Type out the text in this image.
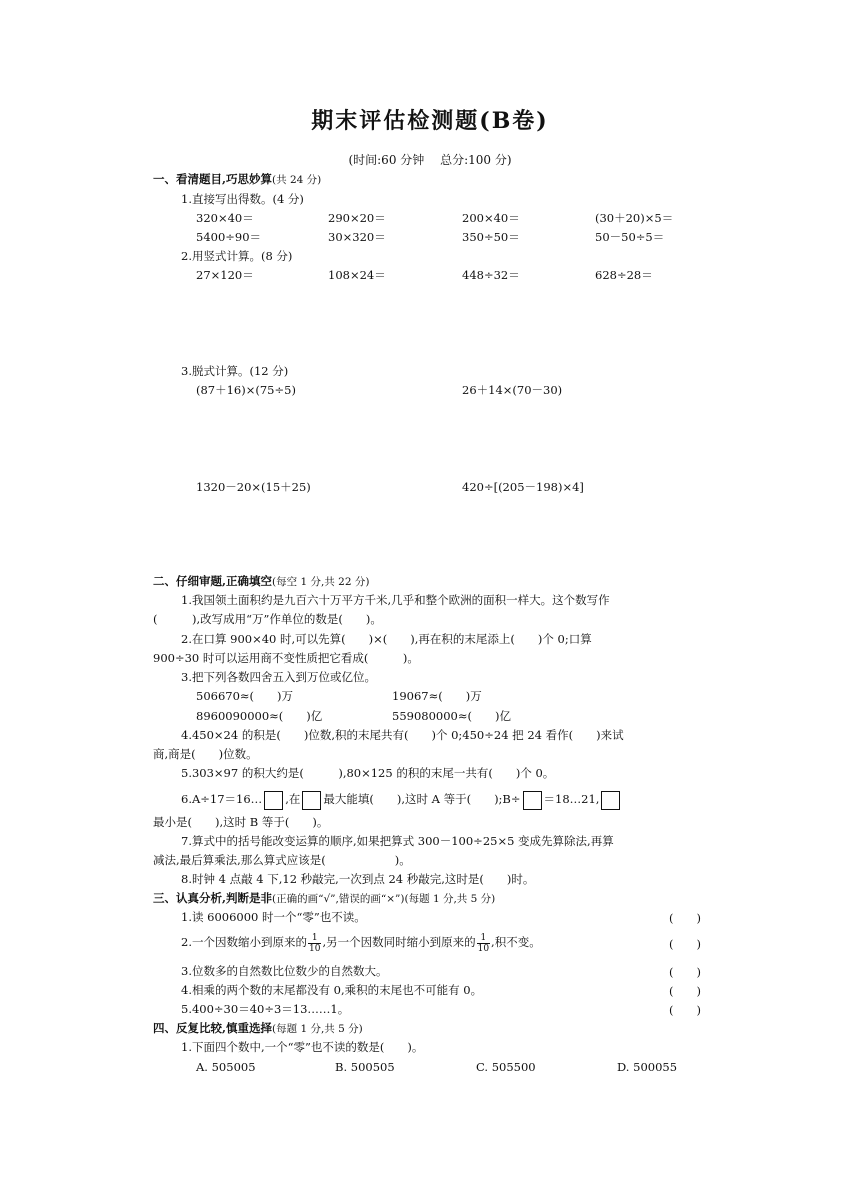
期末评估检测题(B卷)
(时间:60 分钟　 总分:100 分)
一、看清题目,巧思妙算(共 24 分)
1.直接写出得数。(4 分)
320×40＝	290×20＝	200×40＝	(30＋20)×5＝
5400÷90＝	30×320＝	350÷50＝	50－50÷5＝
2.用竖式计算。(8 分)
27×120＝	108×24＝	448÷32＝	628÷28＝
3.脱式计算。(12 分)
(87＋16)×(75÷5)	26＋14×(70－30)
1320－20×(15＋25)	420÷[(205－198)×4]
二、仔细审题,正确填空(每空 1 分,共 22 分)
1.我国领土面积约是九百六十万平方千米,几乎和整个欧洲的面积一样大。这个数写作
(　　　),改写成用“万”作单位的数是(　　)。
2.在口算 900×40 时,可以先算(　　)×(　　),再在积的末尾添上(　　)个 0;口算
900÷30 时可以运用商不变性质把它看成(　　　)。
3.把下列各数四舍五入到万位或亿位。
506670≈(　　)万	19067≈(　　)万
8960090000≈(　　)亿	559080000≈(　　)亿
4.450×24 的积是(　　)位数,积的末尾共有(　　)个 0;450÷24 把 24 看作(　　)来试
商,商是(　　)位数。
5.303×97 的积大约是(　　　),80×125 的积的末尾一共有(　　)个 0。
6.A÷17＝16… ,在 最大能填(　　),这时 A 等于(　　);B÷ ＝18…21,
最小是(　　),这时 B 等于(　　)。
7.算式中的括号能改变运算的顺序,如果把算式 300－100÷25×5 变成先算除法,再算
减法,最后算乘法,那么算式应该是(　　　　　　)。
8.时钟 4 点敲 4 下,12 秒敲完,一次到点 24 秒敲完,这时是(　　)时。
三、认真分析,判断是非(正确的画“√”,错误的画“×”)(每题 1 分,共 5 分)
1.读 6006000 时一个“零”也不读。	(　　)
2.一个因数缩小到原来的 $\frac{1}{10}$ ,另一个因数同时缩小到原来的 $\frac{1}{10}$ ,积不变。	(　　)
3.位数多的自然数比位数少的自然数大。	(　　)
4.相乘的两个数的末尾都没有 0,乘积的末尾也不可能有 0。	(　　)
5.400÷30＝40÷3＝13……1。	(　　)
四、反复比较,慎重选择(每题 1 分,共 5 分)
1.下面四个数中,一个“零”也不读的数是(　　)。
A. 505005	B. 500505	C. 505500	D. 500055
